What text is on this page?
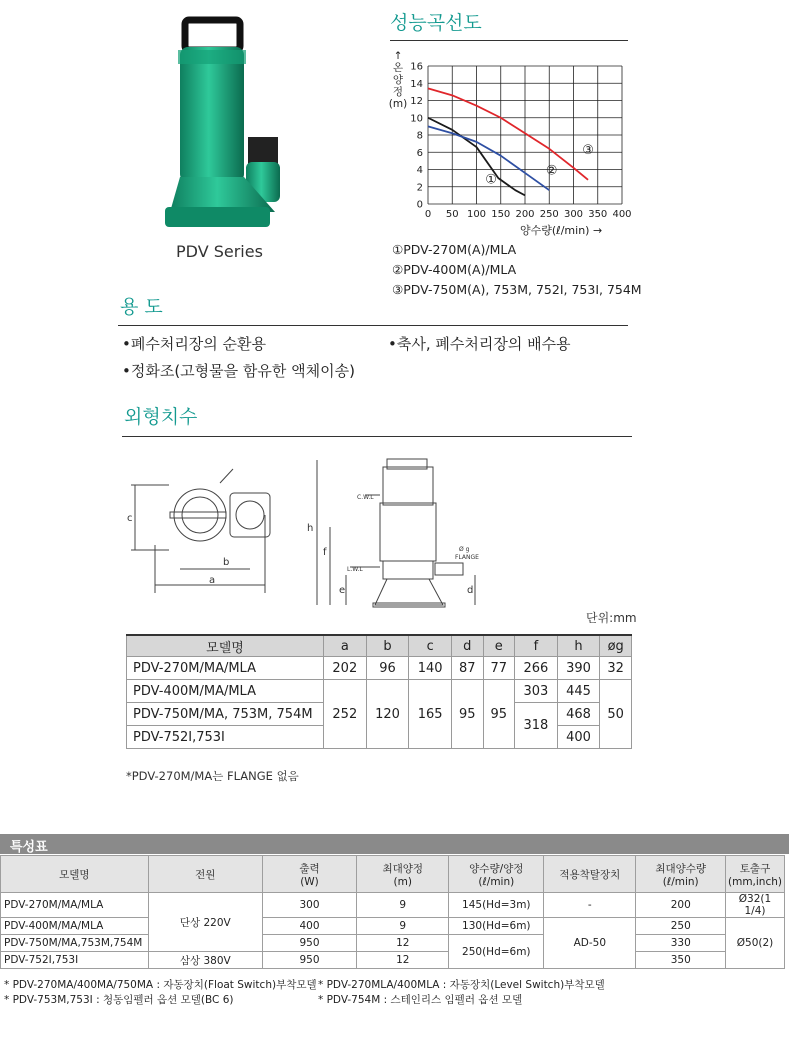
PDV Series
성능곡선도
↑
온
양
정
(m)
16
14
12
10
8
6
4
2
0
0 50 100 150 200 250 300 350 400
①
②
③
양수량(ℓ/min) →
①PDV-270M(A)/MLA
②PDV-400M(A)/MLA
③PDV-750M(A), 753M, 752I, 753I, 754M
용 도
•폐수처리장의 순환용	•축사, 폐수처리장의 배수용
•정화조(고형물을 함유한 액체이송)
외형치수
c
b
a
h
f
e	d
C.W.L
L.W.L
Ø g
FLANGE
단위:mm
모델명	a	b	c	d	e	f	h	øg
PDV-270M/MA/MLA	202	96	140	87	77	266	390	32
PDV-400M/MA/MLA	252	120	165	95	95	303	445	50
PDV-750M/MA, 753M, 754M						318	468	
PDV-752I,753I							400	
*PDV-270M/MA는 FLANGE 없음
특성표
모델명	전원	출력
(W)	최대양정
(m)	양수량/양정
(ℓ/min)	적용착탈장치	최대양수량
(ℓ/min)	토출구
(mm,inch)
PDV-270M/MA/MLA	단상 220V	300	9	145(Hd=3m)	-	200	Ø32(1 1/4)
PDV-400M/MA/MLA		400	9	130(Hd=6m)	AD-50	250	Ø50(2)
PDV-750M/MA,753M,754M		950	12	250(Hd=6m)		330	
PDV-752I,753I	삼상 380V	950	12			350	
* PDV-270MA/400MA/750MA : 자동장치(Float Switch)부착모델 * PDV-270MLA/400MLA : 자동장치(Level Switch)부착모델
* PDV-753M,753I : 청동임펠러 옵션 모델(BC 6)	* PDV-754M : 스테인리스 임펠러 옵션 모델
